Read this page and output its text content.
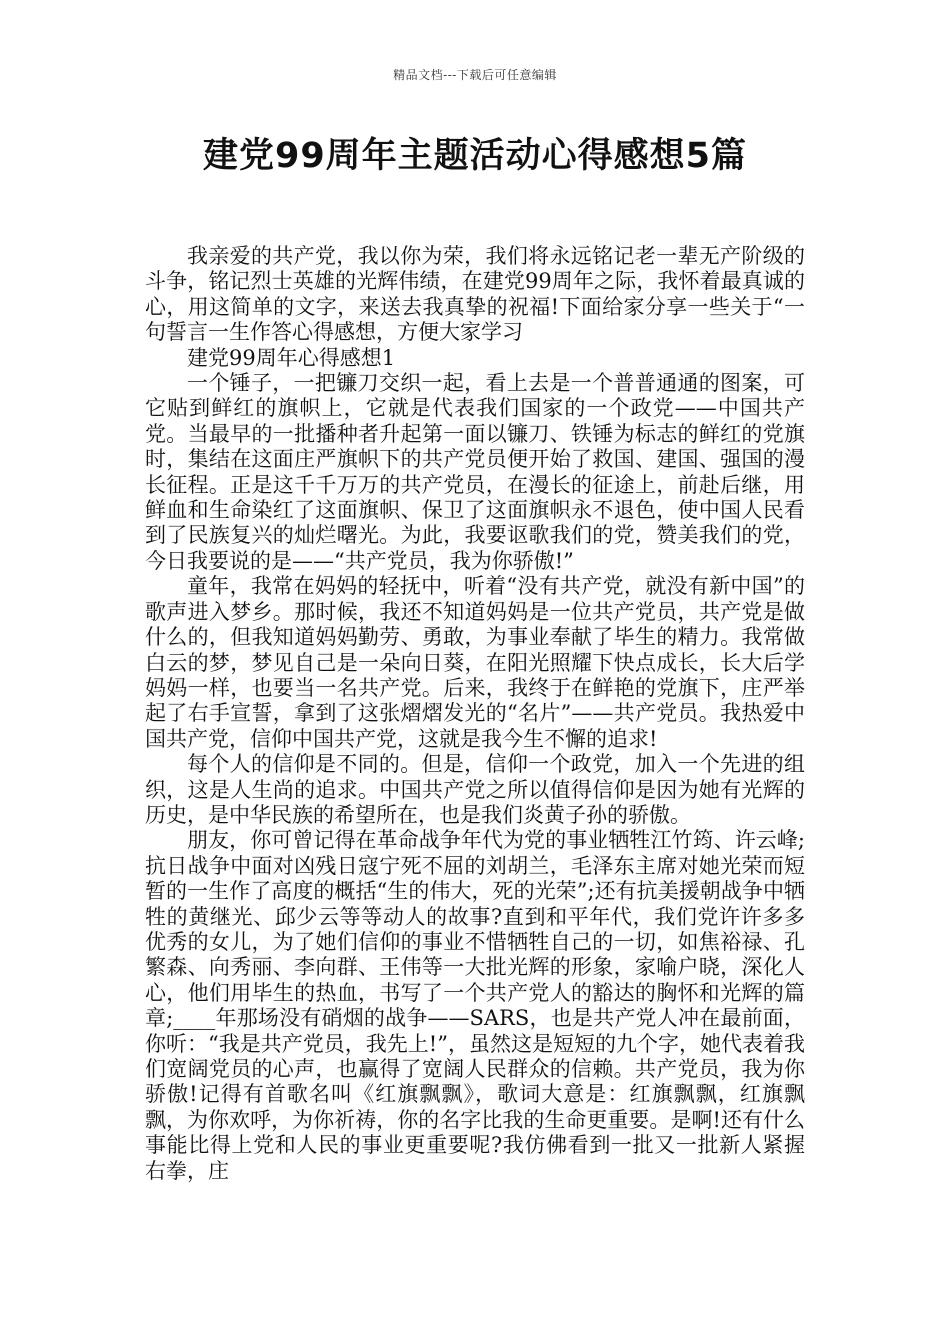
精品文档---下载后可任意编辑
建党99周年主题活动心得感想5篇

我亲爱的共产党，我以你为荣，我们将永远铭记老一辈无产阶级的斗争，铭记烈士英雄的光辉伟绩，在建党99周年之际，我怀着最真诚的心，用这简单的文字，来送去我真挚的祝福!下面给家分享一些关于“一句誓言一生作答心得感想，方便大家学习

建党99周年心得感想1

一个锤子，一把镰刀交织一起，看上去是一个普普通通的图案，可它贴到鲜红的旗帜上，它就是代表我们国家的一个政党——中国共产党。当最早的一批播种者升起第一面以镰刀、铁锤为标志的鲜红的党旗时，集结在这面庄严旗帜下的共产党员便开始了救国、建国、强国的漫长征程。正是这千千万万的共产党员，在漫长的征途上，前赴后继，用鲜血和生命染红了这面旗帜、保卫了这面旗帜永不退色，使中国人民看到了民族复兴的灿烂曙光。为此，我要讴歌我们的党，赞美我们的党，今日我要说的是——“共产党员，我为你骄傲!”

童年，我常在妈妈的轻抚中，听着“没有共产党，就没有新中国”的歌声进入梦乡。那时候，我还不知道妈妈是一位共产党员，共产党是做什么的，但我知道妈妈勤劳、勇敢，为事业奉献了毕生的精力。我常做白云的梦，梦见自己是一朵向日葵，在阳光照耀下快点成长，长大后学妈妈一样，也要当一名共产党。后来，我终于在鲜艳的党旗下，庄严举起了右手宣誓，拿到了这张熠熠发光的“名片”——共产党员。我热爱中国共产党，信仰中国共产党，这就是我今生不懈的追求!

每个人的信仰是不同的。但是，信仰一个政党，加入一个先进的组织，这是人生尚的追求。中国共产党之所以值得信仰是因为她有光辉的历史，是中华民族的希望所在，也是我们炎黄子孙的骄傲。

朋友，你可曾记得在革命战争年代为党的事业牺牲江竹筠、许云峰;抗日战争中面对凶残日寇宁死不屈的刘胡兰，毛泽东主席对她光荣而短暂的一生作了高度的概括“生的伟大，死的光荣”;还有抗美援朝战争中牺牲的黄继光、邱少云等等动人的故事?直到和平年代，我们党许许多多优秀的女儿，为了她们信仰的事业不惜牺牲自己的一切，如焦裕禄、孔繁森、向秀丽、李向群、王伟等一大批光辉的形象，家喻户晓，深化人心，他们用毕生的热血，书写了一个共产党人的豁达的胸怀和光辉的篇章;____年那场没有硝烟的战争——SARS，也是共产党人冲在最前面，你听：“我是共产党员，我先上!”，虽然这是短短的九个字，她代表着我们宽阔党员的心声，也赢得了宽阔人民群众的信赖。共产党员，我为你骄傲!记得有首歌名叫《红旗飘飘》，歌词大意是：红旗飘飘，红旗飘飘，为你欢呼，为你祈祷，你的名字比我的生命更重要。是啊!还有什么事能比得上党和人民的事业更重要呢?我仿佛看到一批又一批新人紧握右拳，庄
